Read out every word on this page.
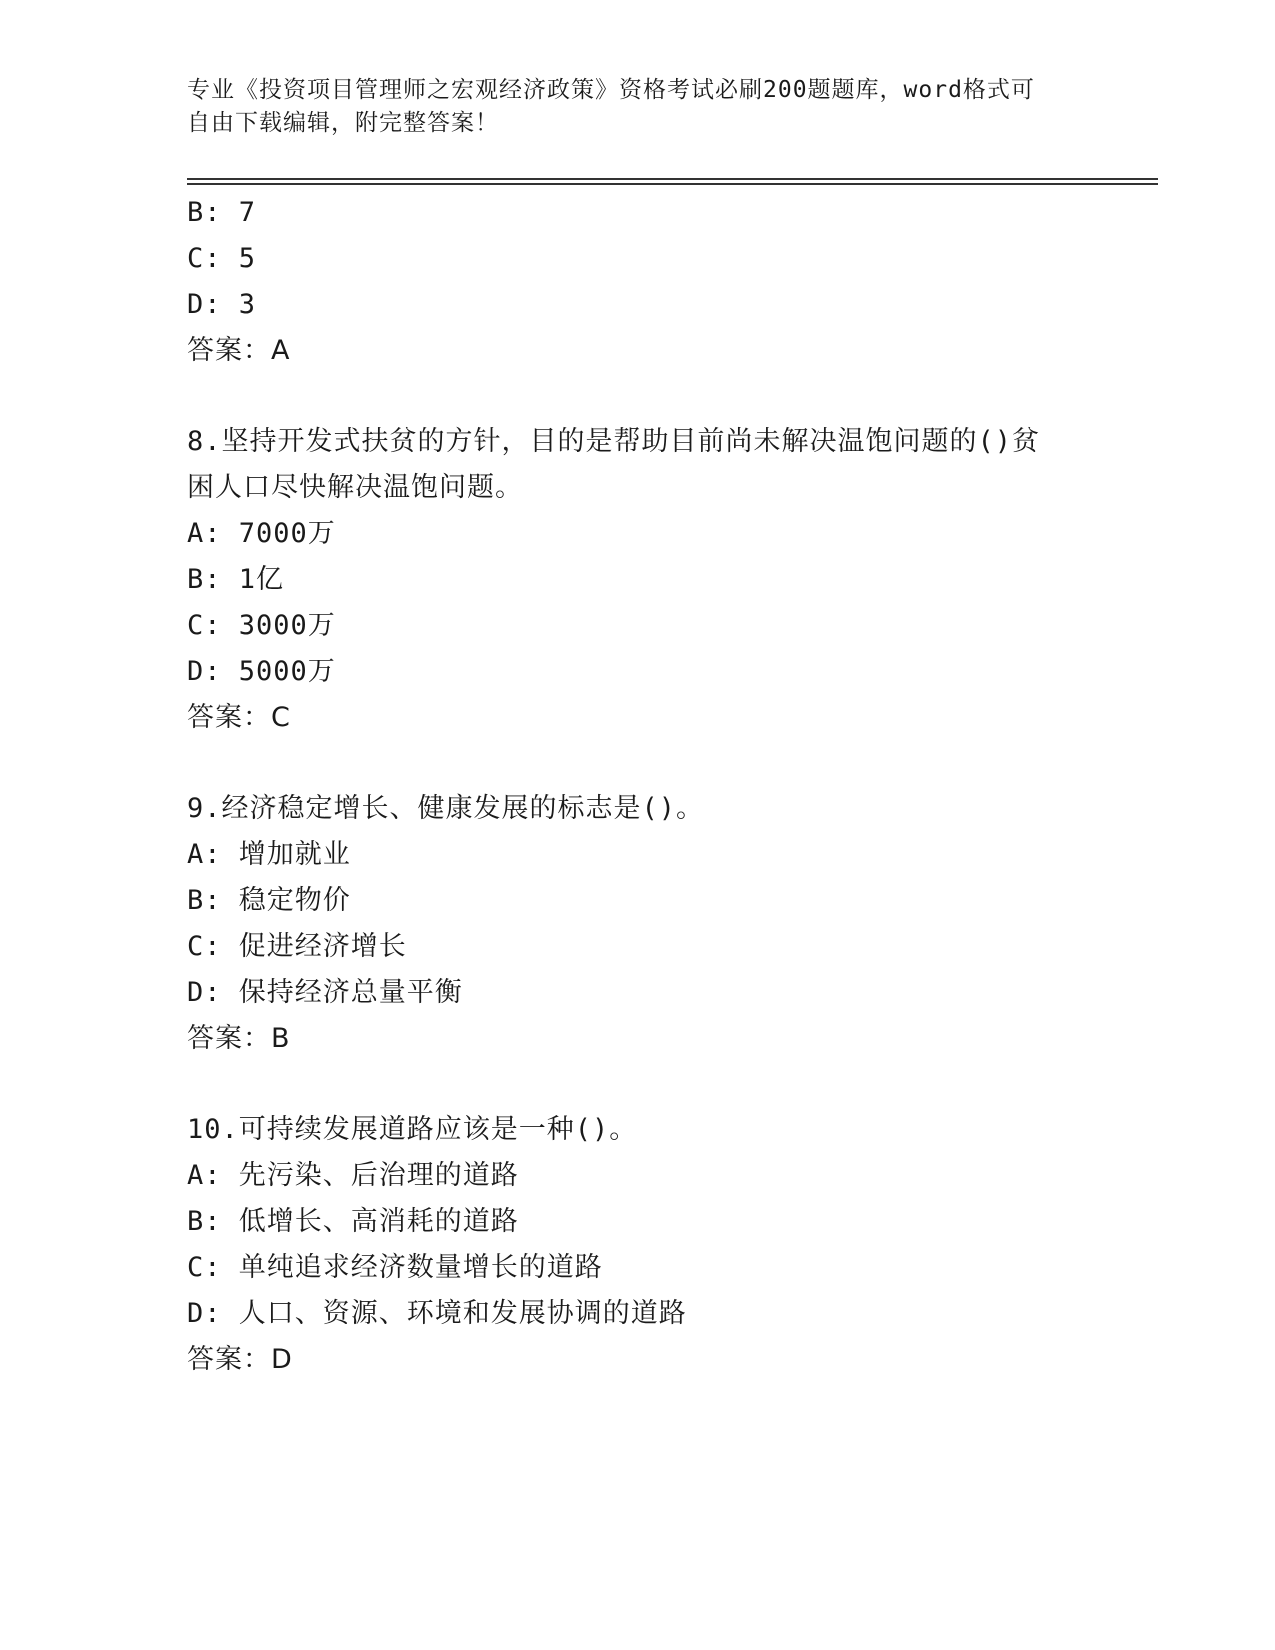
专业《投资项目管理师之宏观经济政策》资格考试必刷200题题库，word格式可
自由下载编辑，附完整答案！
B: 7
C: 5
D: 3
答案：A
8.坚持开发式扶贫的方针，目的是帮助目前尚未解决温饱问题的()贫
困人口尽快解决温饱问题。
A: 7000万
B: 1亿
C: 3000万
D: 5000万
答案：C
9.经济稳定增长、健康发展的标志是()。
A: 增加就业
B: 稳定物价
C: 促进经济增长
D: 保持经济总量平衡
答案：B
10.可持续发展道路应该是一种()。
A: 先污染、后治理的道路
B: 低增长、高消耗的道路
C: 单纯追求经济数量增长的道路
D: 人口、资源、环境和发展协调的道路
答案：D
